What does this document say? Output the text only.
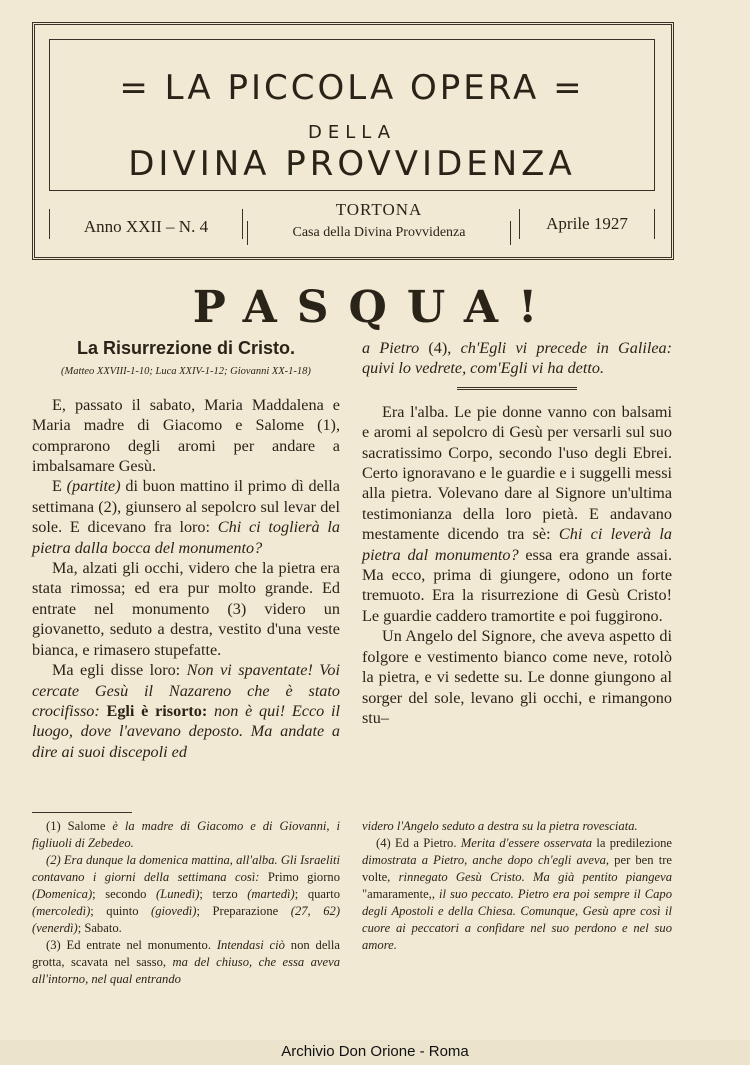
= LA PICCOLA OPERA =
DELLA
DIVINA PROVVIDENZA
Anno XXII – N. 4
TORTONA
Casa della Divina Provvidenza	Aprile 1927
PASQUA!
La Risurrezione di Cristo.
(Matteo XXVIII-1-10; Luca XXIV-1-12; Giovanni XX-1-18)

E, passato il sabato, Maria Maddalena e Maria madre di Giacomo e Salome (1), comprarono degli aromi per andare a imbalsamare Gesù.

E (partite) di buon mattino il primo dì della settimana (2), giunsero al sepolcro sul levar del sole. E dicevano fra loro: Chi ci toglierà la pietra dalla bocca del monumento?

Ma, alzati gli occhi, videro che la pietra era stata rimossa; ed era pur molto grande. Ed entrate nel monumento (3) videro un giovanetto, seduto a destra, vestito d'una veste bianca, e rimasero stupefatte.

Ma egli disse loro: Non vi spaventate! Voi cercate Gesù il Nazareno che è stato crocifisso: Egli è risorto: non è qui! Ecco il luogo, dove l'avevano deposto. Ma andate a dire ai suoi discepoli ed

a Pietro (4), ch'Egli vi precede in Galilea: quivi lo vedrete, com'Egli vi ha detto.

Era l'alba. Le pie donne vanno con balsami e aromi al sepolcro di Gesù per versarli sul suo sacratissimo Corpo, secondo l'uso degli Ebrei. Certo ignoravano e le guardie e i suggelli messi alla pietra. Volevano dare al Signore un'ultima testimonianza della loro pietà. E andavano mestamente dicendo tra sè: Chi ci leverà la pietra dal monumento? essa era grande assai. Ma ecco, prima di giungere, odono un forte tremuoto. Era la risurrezione di Gesù Cristo! Le guardie caddero tramortite e poi fuggirono.

Un Angelo del Signore, che aveva aspetto di folgore e vestimento bianco come neve, rotolò la pietra, e vi sedette su. Le donne giungono al sorger del sole, levano gli occhi, e rimangono stu–

(1) Salome è la madre di Giacomo e di Giovanni, i figliuoli di Zebedeo.

(2) Era dunque la domenica mattina, all'alba. Gli Israeliti contavano i giorni della settimana così: Primo giorno (Domenica); secondo (Lunedì); terzo (martedì); quarto (mercoledì); quinto (giovedì); Preparazione (27, 62) (venerdì); Sabato.

(3) Ed entrate nel monumento. Intendasi ciò non della grotta, scavata nel sasso, ma del chiuso, che essa aveva all'intorno, nel qual entrando

videro l'Angelo seduto a destra su la pietra rovesciata.

(4) Ed a Pietro. Merita d'essere osservata la predilezione dimostrata a Pietro, anche dopo ch'egli aveva, per ben tre volte, rinnegato Gesù Cristo. Ma già pentito piangeva "amaramente,, il suo peccato. Pietro era poi sempre il Capo degli Apostoli e della Chiesa. Comunque, Gesù apre così il cuore ai peccatori a confidare nel suo perdono e nel suo amore.

Archivio Don Orione - Roma
